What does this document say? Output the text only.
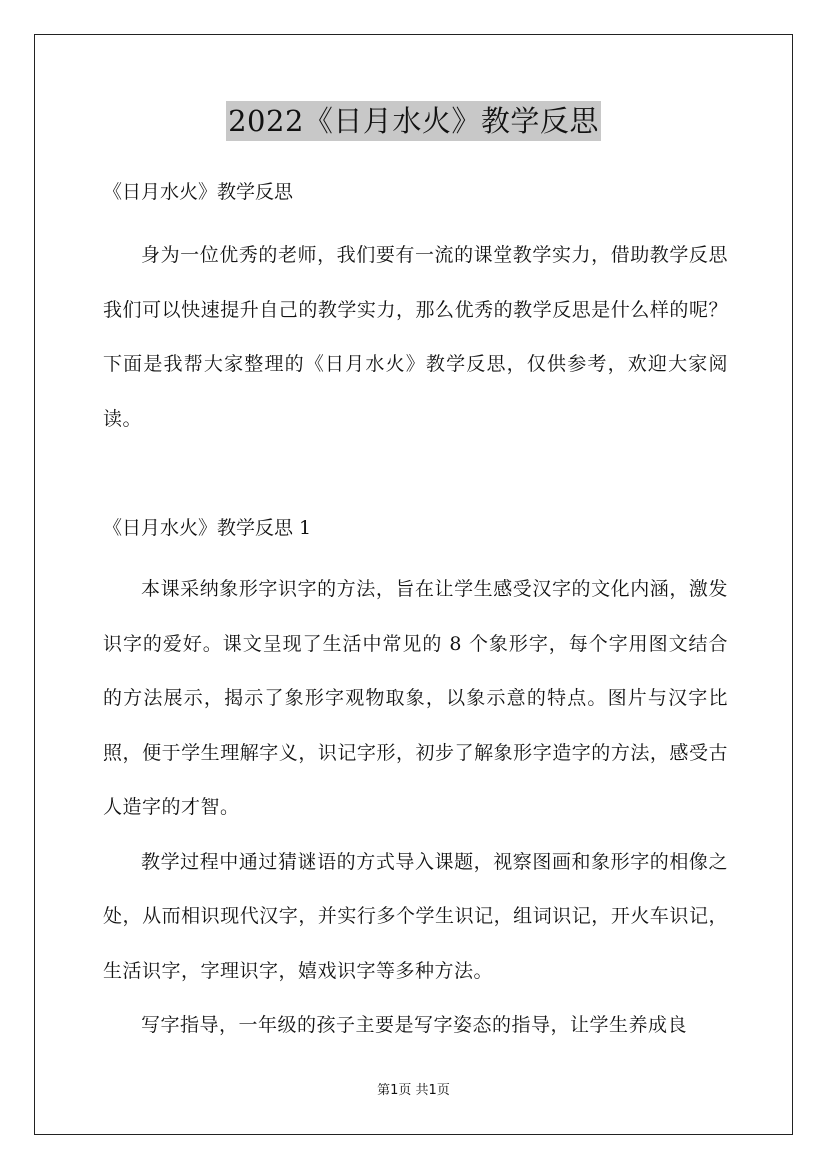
2022《日月水火》教学反思

《日月水火》教学反思

身为一位优秀的老师，我们要有一流的课堂教学实力，借助教学反思我们可以快速提升自己的教学实力，那么优秀的教学反思是什么样的呢？下面是我帮大家整理的《日月水火》教学反思，仅供参考，欢迎大家阅读。

《日月水火》教学反思 1

本课采纳象形字识字的方法，旨在让学生感受汉字的文化内涵，激发识字的爱好。课文呈现了生活中常见的 8 个象形字，每个字用图文结合的方法展示，揭示了象形字观物取象，以象示意的特点。图片与汉字比照，便于学生理解字义，识记字形，初步了解象形字造字的方法，感受古人造字的才智。

教学过程中通过猜谜语的方式导入课题，视察图画和象形字的相像之处，从而相识现代汉字，并实行多个学生识记，组词识记，开火车识记，生活识字，字理识字，嬉戏识字等多种方法。

写字指导，一年级的孩子主要是写字姿态的指导，让学生养成良

第1页 共1页
